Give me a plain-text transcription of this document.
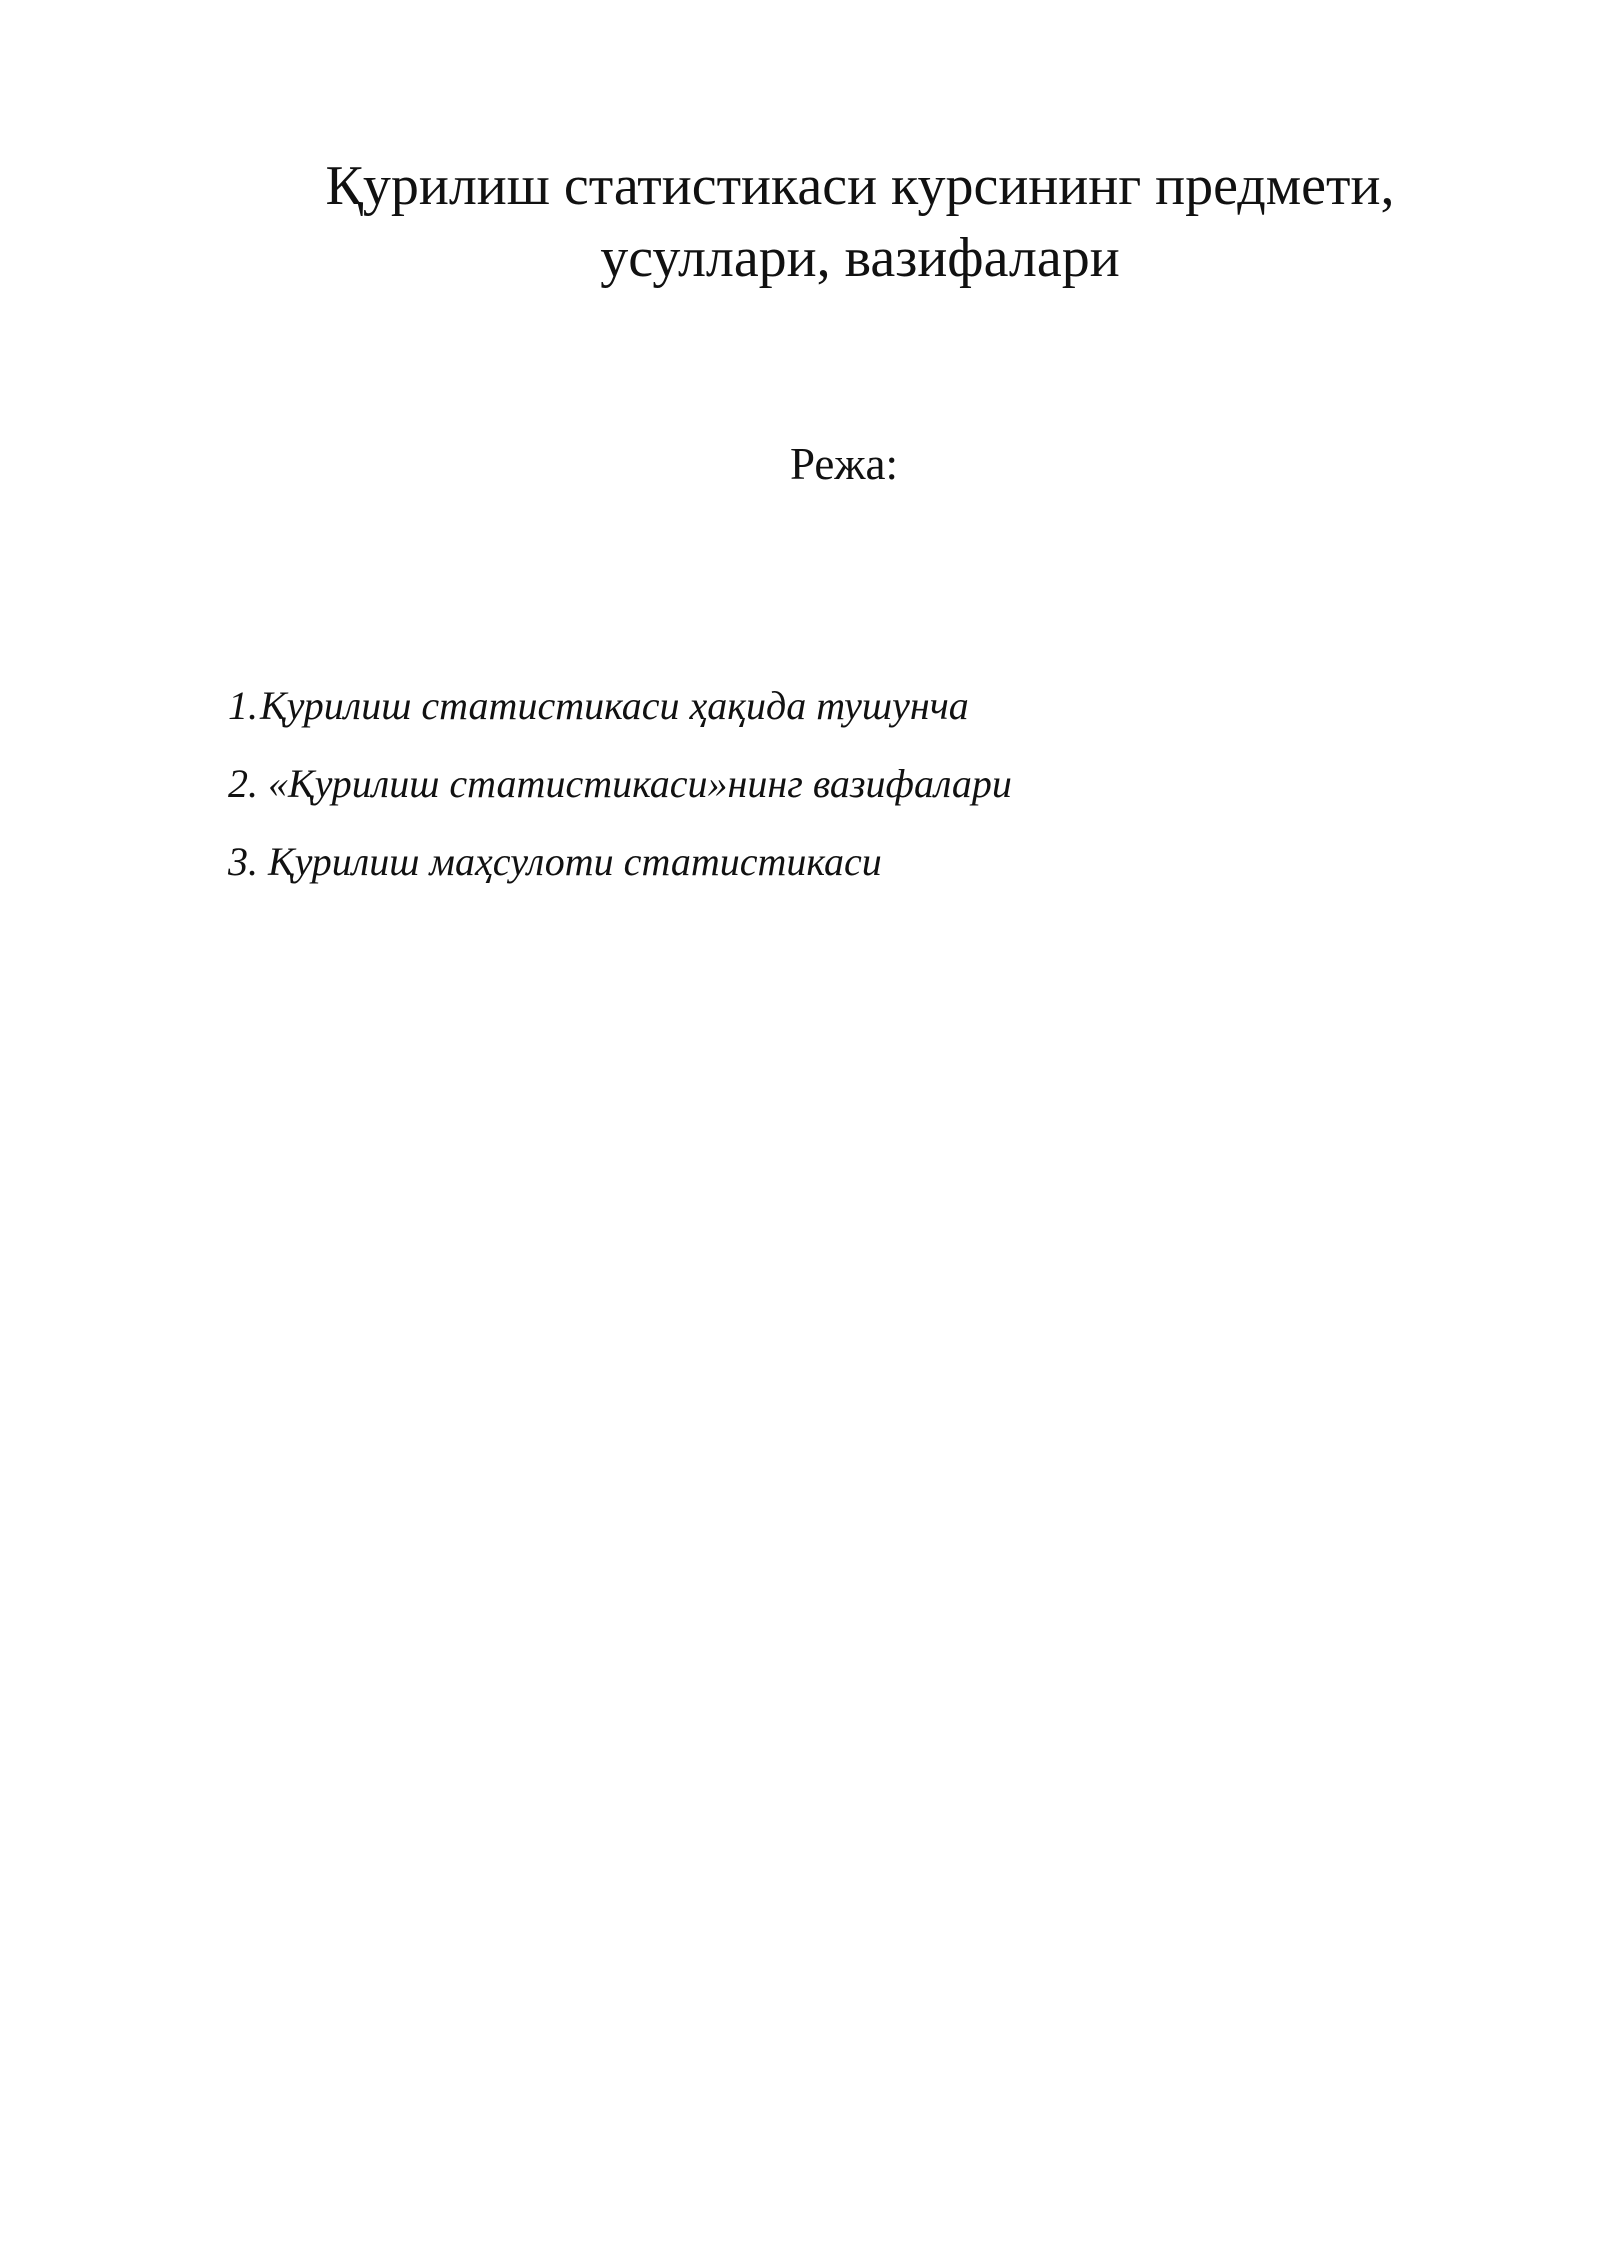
Қурилиш статистикаси курсининг предмети,
усуллари, вазифалари
Режа:
1.Қурилиш статистикаси ҳақида тушунча
2. «Қурилиш статистикаси»нинг вазифалари
3. Қурилиш маҳсулоти статистикаси
